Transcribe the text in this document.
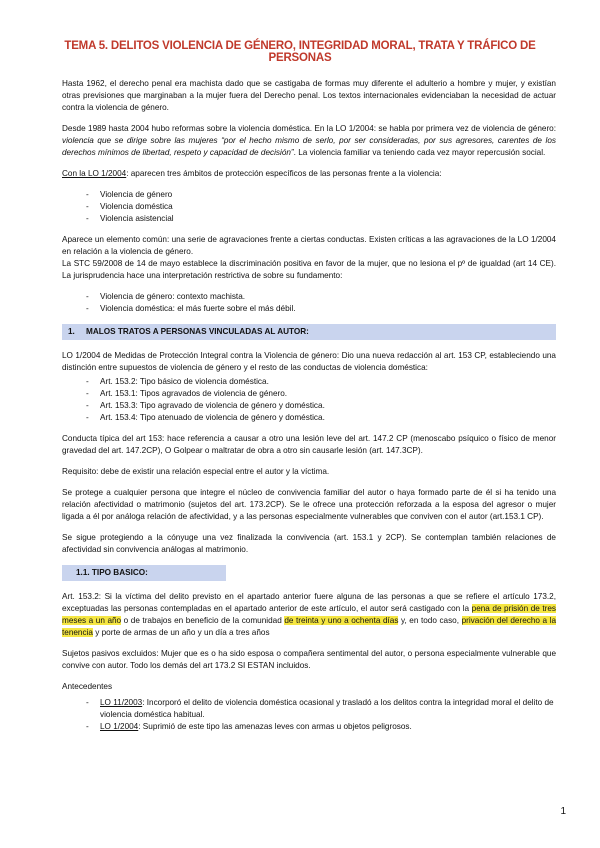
TEMA 5. DELITOS VIOLENCIA DE GÉNERO, INTEGRIDAD MORAL, TRATA Y TRÁFICO DE PERSONAS

Hasta 1962, el derecho penal era machista dado que se castigaba de formas muy diferente el adulterio a hombre y mujer, y existían otras previsiones que marginaban a la mujer fuera del Derecho penal. Los textos internacionales evidenciaban la necesidad de actuar contra la violencia de género.

Desde 1989 hasta 2004 hubo reformas sobre la violencia doméstica. En la LO 1/2004: se habla por primera vez de violencia de género: violencia que se dirige sobre las mujeres “por el hecho mismo de serlo, por ser consideradas, por sus agresores, carentes de los derechos mínimos de libertad, respeto y capacidad de decisión”. La violencia familiar va teniendo cada vez mayor repercusión social.

Con la LO 1/2004: aparecen tres ámbitos de protección específicos de las personas frente a la violencia:

- Violencia de género
- Violencia doméstica
- Violencia asistencial

Aparece un elemento común: una serie de agravaciones frente a ciertas conductas. Existen críticas a las agravaciones de la LO 1/2004 en relación a la violencia de género.

La STC 59/2008 de 14 de mayo establece la discriminación positiva en favor de la mujer, que no lesiona el pº de igualdad (art 14 CE). La jurisprudencia hace una interpretación restrictiva de sobre su fundamento:

- Violencia de género: contexto machista.
- Violencia doméstica: el más fuerte sobre el más débil.
1. MALOS TRATOS A PERSONAS VINCULADAS AL AUTOR:

LO 1/2004 de Medidas de Protección Integral contra la Violencia de género: Dio una nueva redacción al art. 153 CP, estableciendo una distinción entre supuestos de violencia de género y el resto de las conductas de violencia doméstica:

- Art. 153.2: Tipo básico de violencia doméstica.
- Art. 153.1: Tipos agravados de violencia de género.
- Art. 153.3: Tipo agravado de violencia de género y doméstica.
- Art. 153.4: Tipo atenuado de violencia de género y doméstica.

Conducta típica del art 153: hace referencia a causar a otro una lesión leve del art. 147.2 CP (menoscabo psíquico o físico de menor gravedad del art. 147.2CP), O Golpear o maltratar de obra a otro sin causarle lesión (art. 147.3CP).

Requisito: debe de existir una relación especial entre el autor y la víctima.

Se protege a cualquier persona que integre el núcleo de convivencia familiar del autor o haya formado parte de él si ha tenido una relación afectividad o matrimonio (sujetos del art. 173.2CP). Se le ofrece una protección reforzada a la esposa del agresor o mujer ligada a él por análoga relación de afectividad, y a las personas especialmente vulnerables que conviven con el autor (art.153.1 CP).

Se sigue protegiendo a la cónyuge una vez finalizada la convivencia (art. 153.1 y 2CP). Se contemplan también relaciones de afectividad sin convivencia análogas al matrimonio.

1.1. TIPO BASICO:

Art. 153.2: Si la víctima del delito previsto en el apartado anterior fuere alguna de las personas a que se refiere el artículo 173.2, exceptuadas las personas contempladas en el apartado anterior de este artículo, el autor será castigado con la pena de prisión de tres meses a un año o de trabajos en beneficio de la comunidad de treinta y uno a ochenta días y, en todo caso, privación del derecho a la tenencia y porte de armas de un año y un día a tres años

Sujetos pasivos excluidos: Mujer que es o ha sido esposa o compañera sentimental del autor, o persona especialmente vulnerable que convive con autor. Todo los demás del art 173.2 SI ESTAN incluidos.

Antecedentes

- LO 11/2003: Incorporó el delito de violencia doméstica ocasional y trasladó a los delitos contra la integridad moral el delito de violencia doméstica habitual.
- LO 1/2004: Suprimió de este tipo las amenazas leves con armas u objetos peligrosos.
1
